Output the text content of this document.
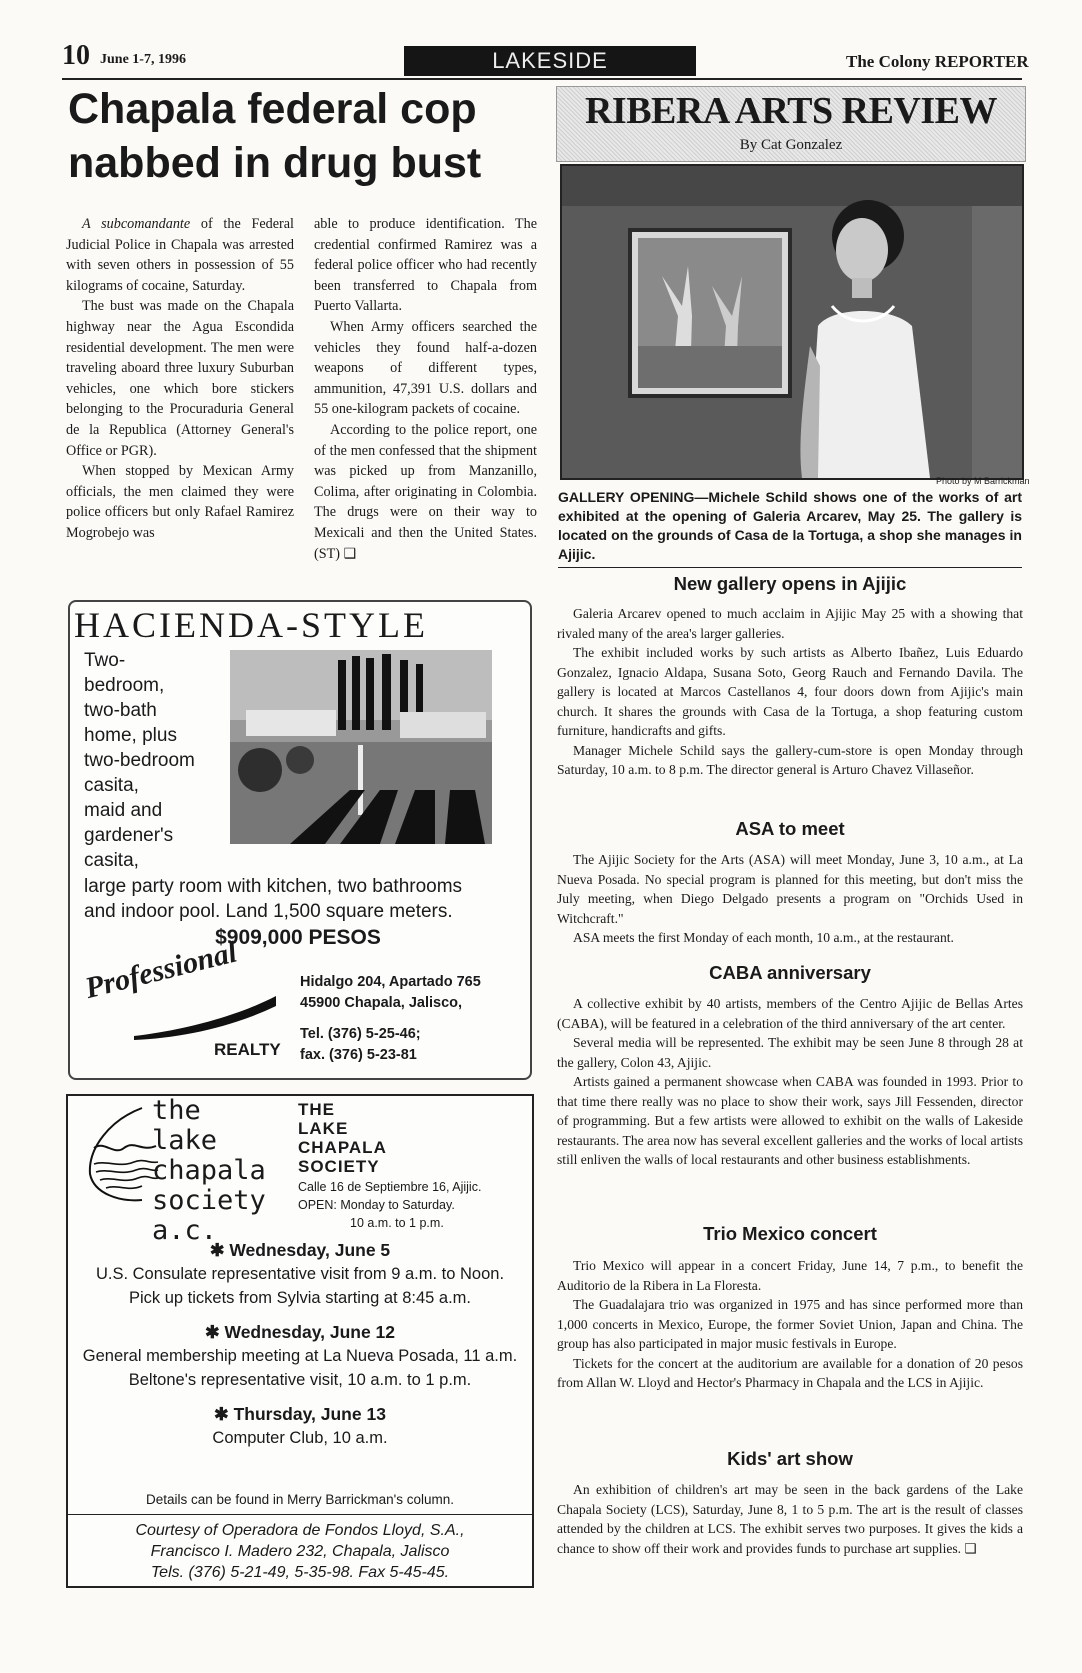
10 June 1-7, 1996	LAKESIDE	The Colony REPORTER
Chapala federal cop nabbed in drug bust

A subcomandante of the Federal Judicial Police in Chapala was arrested with seven others in possession of 55 kilograms of cocaine, Saturday.

The bust was made on the Chapala highway near the Agua Escondida residential development. The men were traveling aboard three luxury Suburban vehicles, one which bore stickers belonging to the Procuraduria General de la Republica (Attorney General's Office or PGR).

When stopped by Mexican Army officials, the men claimed they were police officers but only Rafael Ramirez Mogrobejo was

able to produce identification. The credential confirmed Ramirez was a federal police officer who had recently been transferred to Chapala from Puerto Vallarta.

When Army officers searched the vehicles they found half-a-dozen weapons of different types, ammunition, 47,391 U.S. dollars and 55 one-kilogram packets of cocaine.

According to the police report, one of the men confessed that the shipment was picked up from Manzanillo, Colima, after originating in Colombia. The drugs were on their way to Mexicali and then the United States. (ST) ❑

HACIENDA-STYLE
Two-
bedroom,
two-bath
home, plus
two-bedroom
casita,
maid and
gardener's
casita,
large party room with kitchen, two bathrooms
and indoor pool. Land 1,500 square meters.
$909,000 PESOS
Professional
REALTY
Hidalgo 204, Apartado 765
45900 Chapala, Jalisco,
Tel. (376) 5-25-46;
fax. (376) 5-23-81
the
lake
chapala
society
a.c.
THE
LAKE
CHAPALA
SOCIETY
Calle 16 de Septiembre 16, Ajijic.
OPEN: Monday to Saturday.
10 a.m. to 1 p.m.
✱ Wednesday, June 5
U.S. Consulate representative visit from 9 a.m. to Noon.
Pick up tickets from Sylvia starting at 8:45 a.m.
✱ Wednesday, June 12
General membership meeting at La Nueva Posada, 11 a.m.
Beltone's representative visit, 10 a.m. to 1 p.m.
✱ Thursday, June 13
Computer Club, 10 a.m.
Details can be found in Merry Barrickman's column.
Courtesy of Operadora de Fondos Lloyd, S.A.,
Francisco I. Madero 232, Chapala, Jalisco
Tels. (376) 5-21-49, 5-35-98. Fax 5-45-45.
RIBERA ARTS REVIEW
By Cat Gonzalez
Photo by M Barrickman

GALLERY OPENING—Michele Schild shows one of the works of art exhibited at the opening of Galeria Arcarev, May 25. The gallery is located on the grounds of Casa de la Tortuga, a shop she manages in Ajijic.

New gallery opens in Ajijic

Galeria Arcarev opened to much acclaim in Ajijic May 25 with a showing that rivaled many of the area's larger galleries.

The exhibit included works by such artists as Alberto Ibañez, Luis Eduardo Gonzalez, Ignacio Aldapa, Susana Soto, Georg Rauch and Fernando Davila. The gallery is located at Marcos Castellanos 4, four doors down from Ajijic's main church. It shares the grounds with Casa de la Tortuga, a shop featuring custom furniture, handicrafts and gifts.

Manager Michele Schild says the gallery-cum-store is open Monday through Saturday, 10 a.m. to 8 p.m. The director general is Arturo Chavez Villaseñor.

ASA to meet

The Ajijic Society for the Arts (ASA) will meet Monday, June 3, 10 a.m., at La Nueva Posada. No special program is planned for this meeting, but don't miss the July meeting, when Diego Delgado presents a program on "Orchids Used in Witchcraft."

ASA meets the first Monday of each month, 10 a.m., at the restaurant.

CABA anniversary

A collective exhibit by 40 artists, members of the Centro Ajijic de Bellas Artes (CABA), will be featured in a celebration of the third anniversary of the art center.

Several media will be represented. The exhibit may be seen June 8 through 28 at the gallery, Colon 43, Ajijic.

Artists gained a permanent showcase when CABA was founded in 1993. Prior to that time there really was no place to show their work, says Jill Fessenden, director of programming. But a few artists were allowed to exhibit on the walls of Lakeside restaurants. The area now has several excellent galleries and the works of local artists still enliven the walls of local restaurants and other business establishments.

Trio Mexico concert

Trio Mexico will appear in a concert Friday, June 14, 7 p.m., to benefit the Auditorio de la Ribera in La Floresta.

The Guadalajara trio was organized in 1975 and has since performed more than 1,000 concerts in Mexico, Europe, the former Soviet Union, Japan and China. The group has also participated in major music festivals in Europe.

Tickets for the concert at the auditorium are available for a donation of 20 pesos from Allan W. Lloyd and Hector's Pharmacy in Chapala and the LCS in Ajijic.

Kids' art show

An exhibition of children's art may be seen in the back gardens of the Lake Chapala Society (LCS), Saturday, June 8, 1 to 5 p.m. The art is the result of classes attended by the children at LCS. The exhibit serves two purposes. It gives the kids a chance to show off their work and provides funds to purchase art supplies. ❑
